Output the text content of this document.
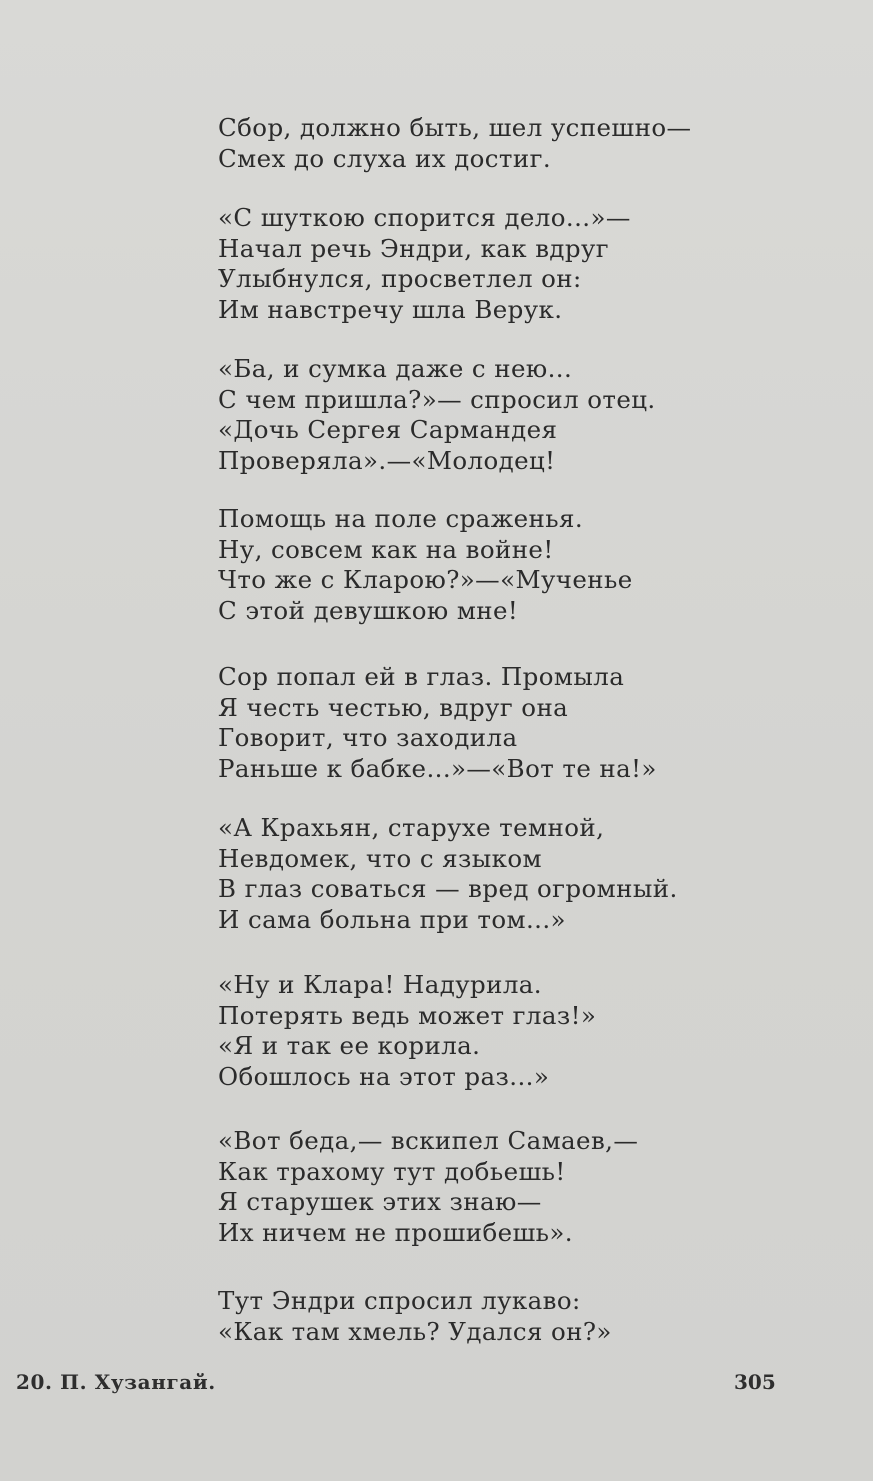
Сбор, должно быть, шел успешно—
Смех до слуха их достиг.
«С шуткою спорится дело...»—
Начал речь Эндри, как вдруг
Улыбнулся, просветлел он:
Им навстречу шла Верук.
«Ба, и сумка даже с нею...
С чем пришла?»— спросил отец.
«Дочь Сергея Сармандея
Проверяла».—«Молодец!
Помощь на поле сраженья.
Ну, совсем как на войне!
Что же с Кларою?»—«Мученье
С этой девушкою мне!
Сор попал ей в глаз. Промыла
Я честь честью, вдруг она
Говорит, что заходила
Раньше к бабке...»—«Вот те на!»
«А Крахьян, старухе темной,
Невдомек, что с языком
В глаз соваться — вред огромный.
И сама больна при том...»
«Ну и Клара! Надурила.
Потерять ведь может глаз!»
«Я и так ее корила.
Обошлось на этот раз...»
«Вот беда,— вскипел Самаев,—
Как трахому тут добьешь!
Я старушек этих знаю—
Их ничем не прошибешь».
Тут Эндри спросил лукаво:
«Как там хмель? Удался он?»
20. П. Хузангай.	305
